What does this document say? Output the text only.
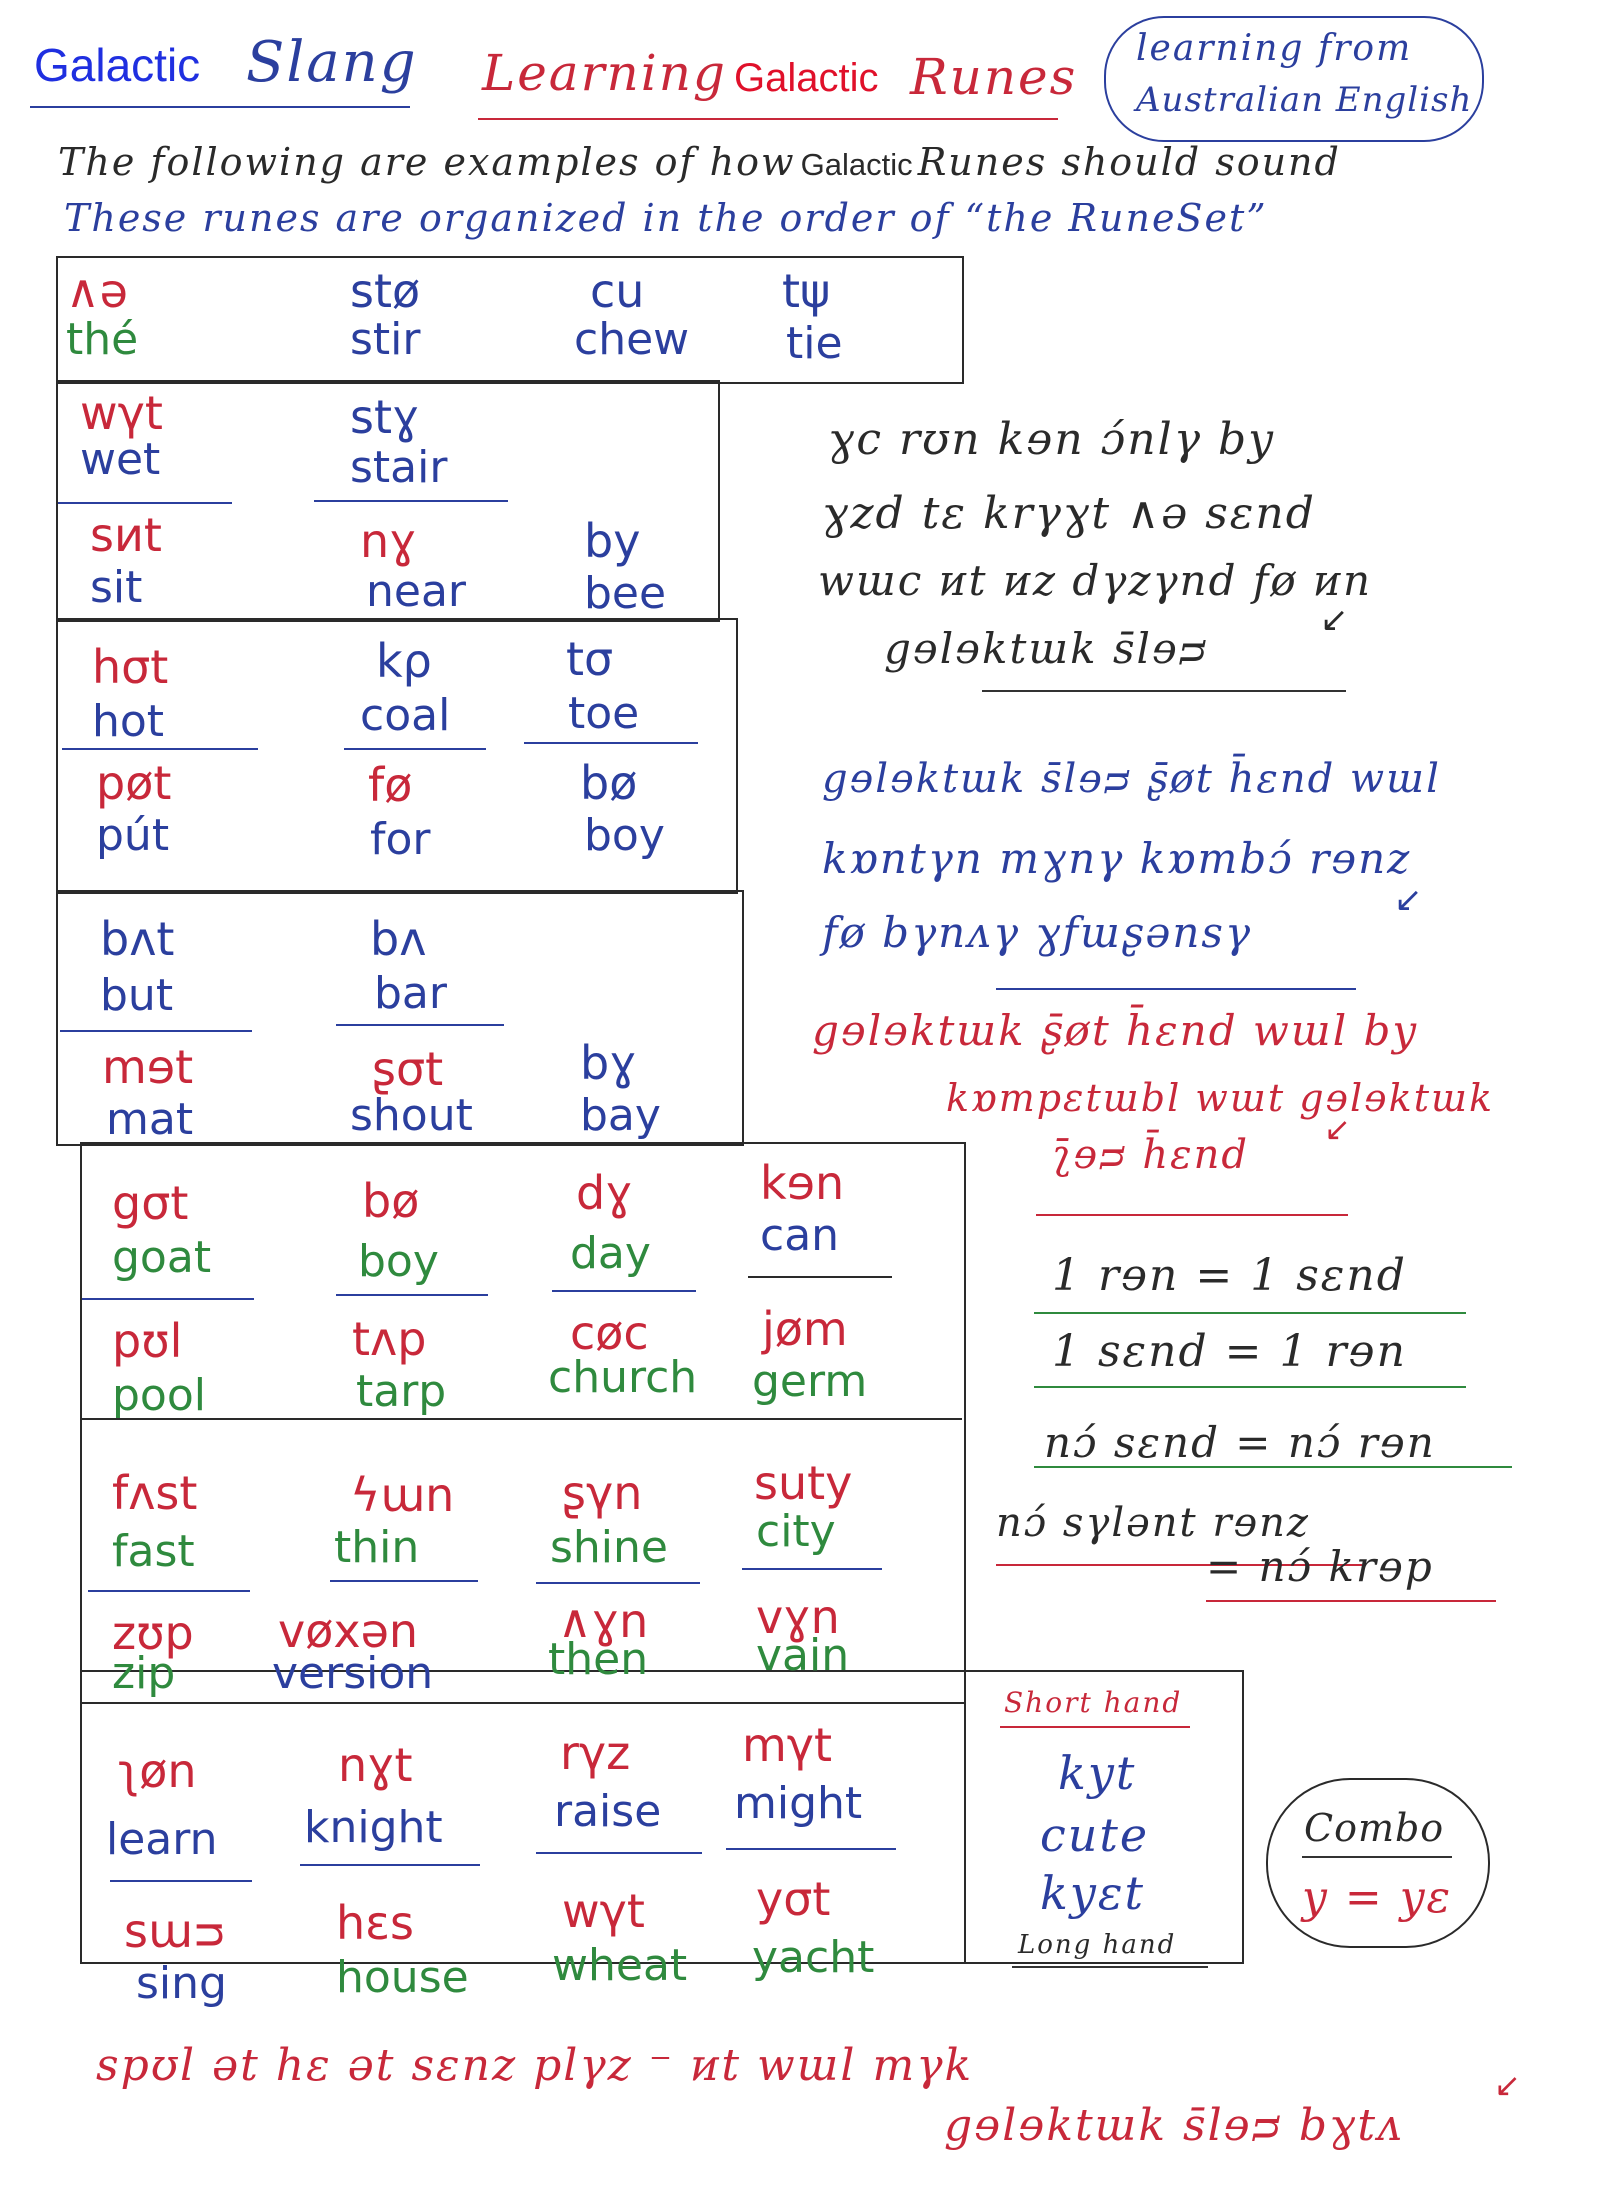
Galactic Slang Learning Galactic Runes learning from
Australian English
The following are examples of how Galactic Runes should sound
These runes are organized in the order of “the RuneSet”
∧ə
thé
stø
stir
cu
chew
tψ
tie
wγt
wet
stɣ
stair
sᴎt
sit
nɣ
near
by
bee
hσt
hot
kρ
coal
tσ
toe
pøt
pút
fø
for
bø
boy
bᴧt
but
bᴧ
bar
mɘt
mat
ʂσt
shout
bɣ
bay
gσt
goat
bø
boy
dɣ
day
kɘn
can
pʊl
pool
tᴧp
tarp
cøc
church
jøm
germ
fᴧst
fast
ϟɯn
thin
ʂγn
shine
suty
city
zʊp
zip
vøxən
version
∧ɣn
then
vɣn
vain
ʅøn
learn
nɣt
knight
rγz
raise
mγt
might
sɯᴝ
sing
hɛs
house
wγt
wheat
yσt
yacht
Short hand
kyt
cute
kyɛt
Long hand
ɣc rʊn kɘn ɔ́nlγ by
ɣzd tɛ krγɣt ∧ə sɛnd
wɯc ᴎt ᴎz dγzγnd fø ᴎn
gɘlɘktɯk s̄lɘᴝ
↙
gɘlɘktɯk s̄lɘᴝ ʂ̄øt h̄ɛnd wɯl
kɒntγn mɣnγ kɒmbɔ́ rɘnz
fø bγnᴧγ ɣfɯʂənsγ
↙
gɘlɘktɯk ʂ̄øt h̄ɛnd wɯl by
kɒmpɛtɯbl wɯt gɘlɘktɯk
ʅ̄ɘᴝ h̄ɛnd
↙
1 rɘn = 1 sɛnd
1 sɛnd = 1 rɘn
nɔ́ sɛnd = nɔ́ rɘn
nɔ́ sγlənt rɘnz
= nɔ́ krɘp
Combo
y = yɛ
spʊl ət hɛ ət sɛnz plγz ⁻ ᴎt wɯl mγk
gɘlɘktɯk s̄lɘᴝ bɣtᴧ
↙
